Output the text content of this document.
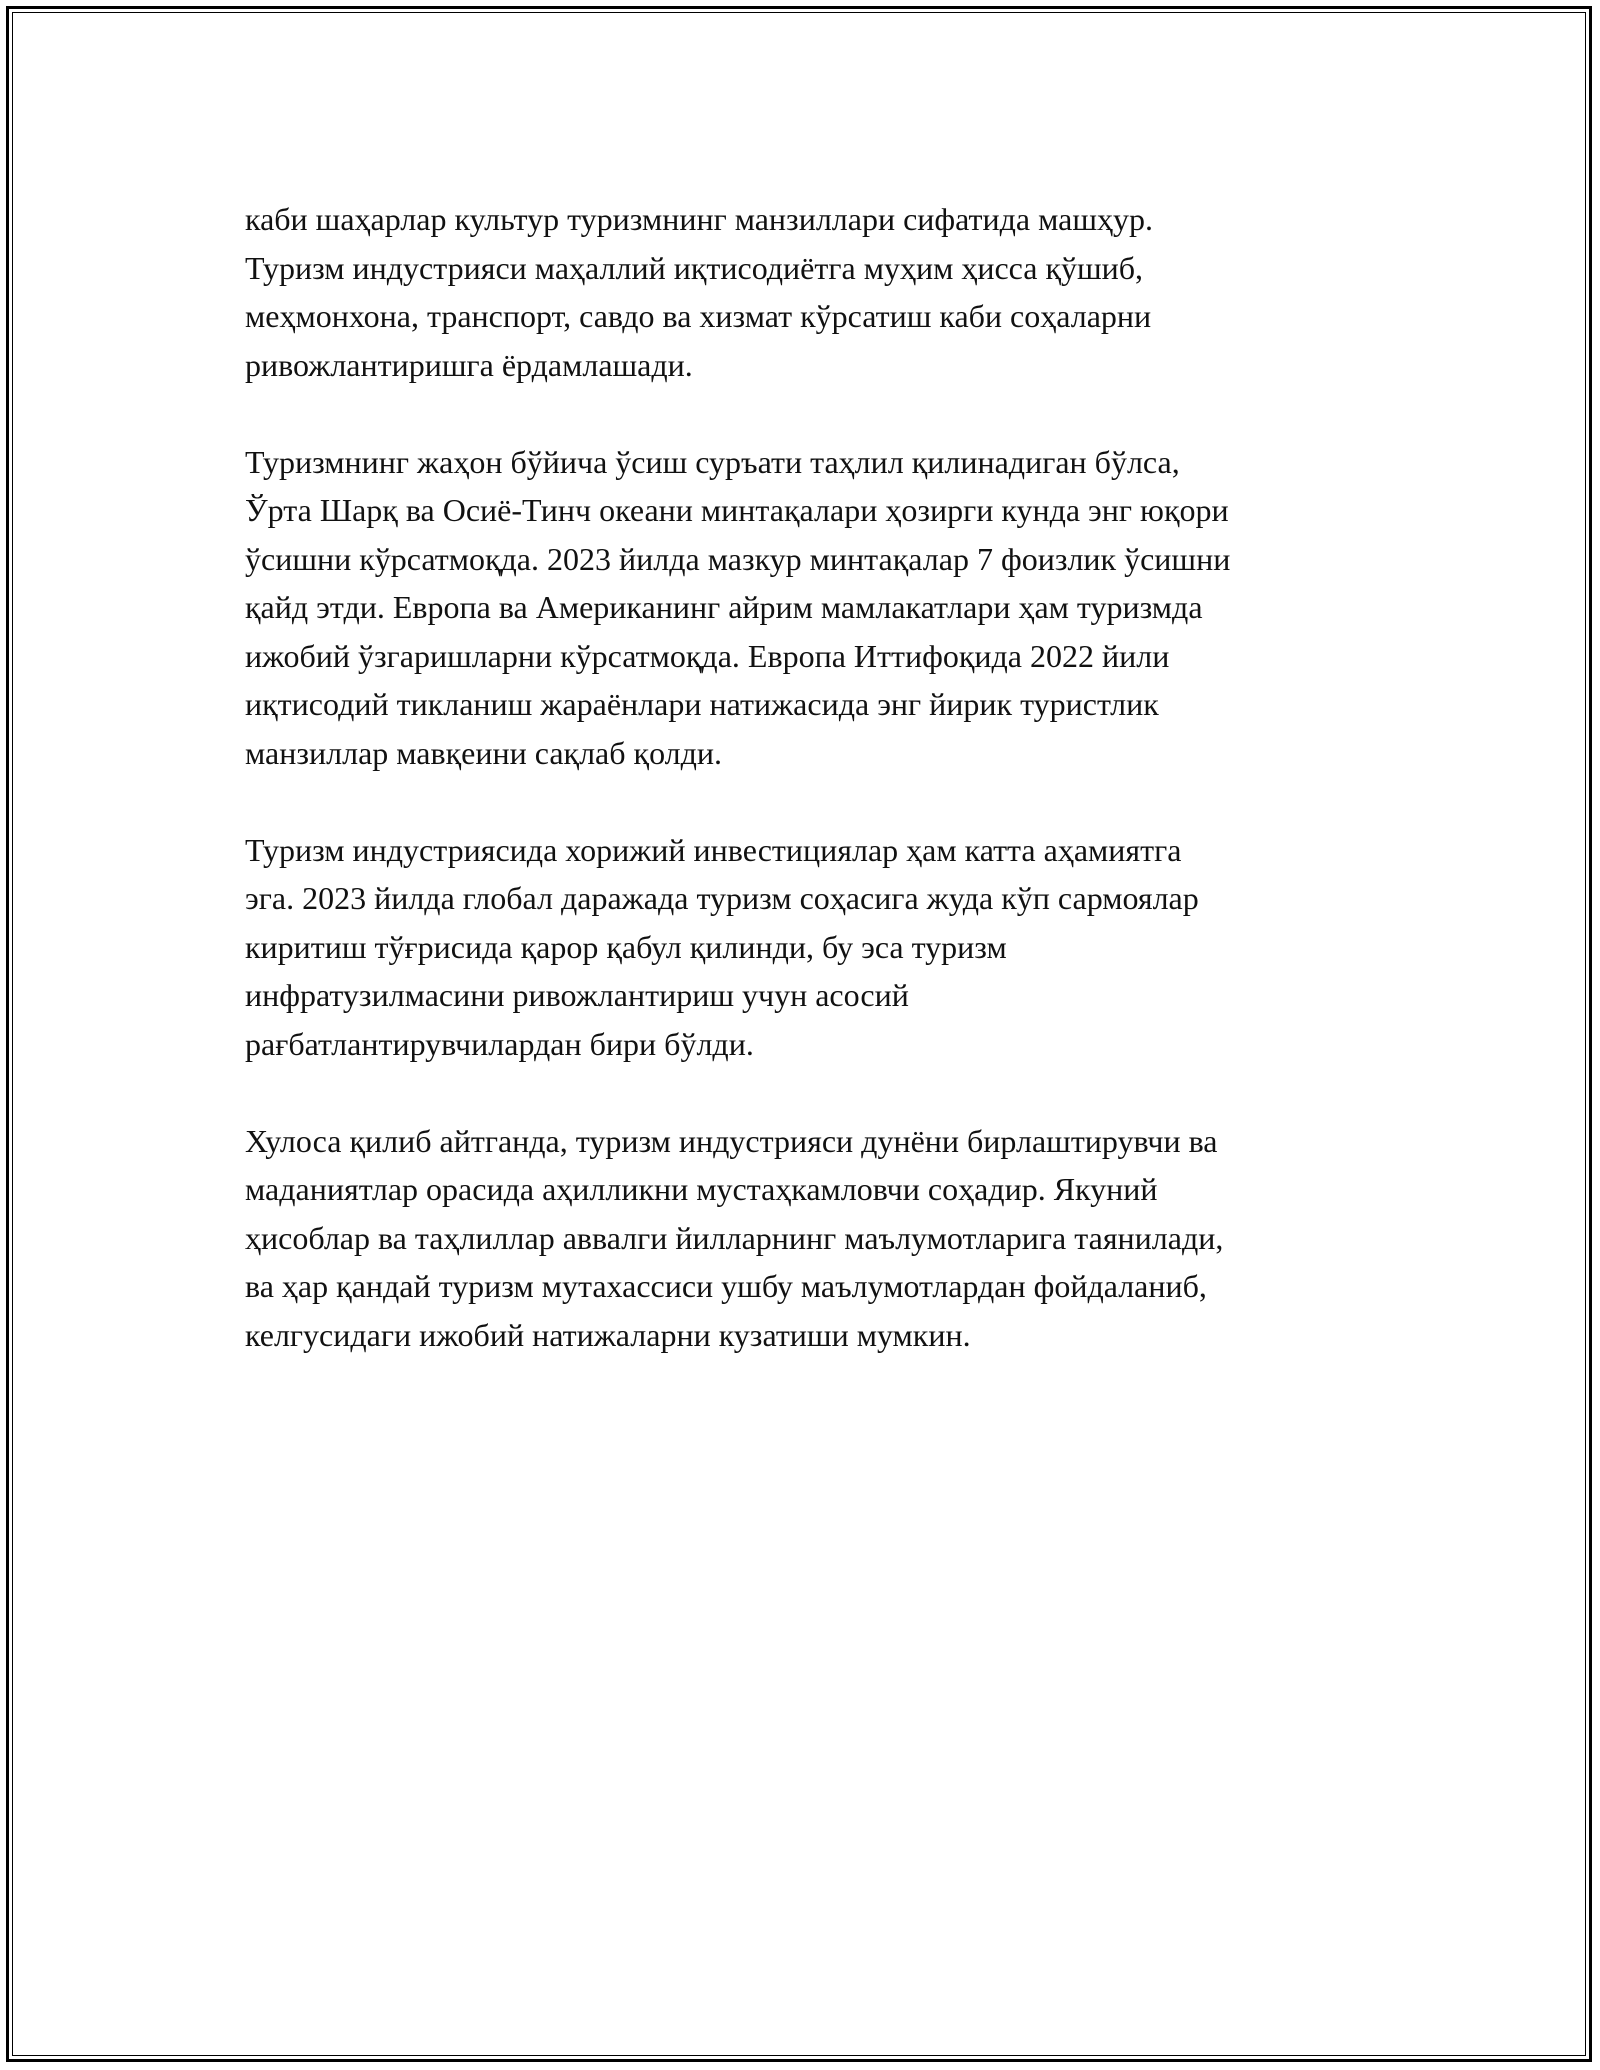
каби шаҳарлар культур туризмнинг манзиллари сифатида машҳур.
Туризм индустрияси маҳаллий иқтисодиётга муҳим ҳисса қўшиб,
меҳмонхона, транспорт, савдо ва хизмат кўрсатиш каби соҳаларни
ривожлантиришга ёрдамлашади.

Туризмнинг жаҳон бўйича ўсиш суръати таҳлил қилинадиган бўлса,
Ўрта Шарқ ва Осиё-Тинч океани минтақалари ҳозирги кунда энг юқори
ўсишни кўрсатмоқда. 2023 йилда мазкур минтақалар 7 фоизлик ўсишни
қайд этди. Европа ва Американинг айрим мамлакатлари ҳам туризмда
ижобий ўзгаришларни кўрсатмоқда. Европа Иттифоқида 2022 йили
иқтисодий тикланиш жараёнлари натижасида энг йирик туристлик
манзиллар мавқеини сақлаб қолди.

Туризм индустриясида хорижий инвестициялар ҳам катта аҳамиятга
эга. 2023 йилда глобал даражада туризм соҳасига жуда кўп сармоялар
киритиш тўғрисида қарор қабул қилинди, бу эса туризм
инфратузилмасини ривожлантириш учун асосий
рағбатлантирувчилардан бири бўлди.

Хулоса қилиб айтганда, туризм индустрияси дунёни бирлаштирувчи ва
маданиятлар орасида аҳилликни мустаҳкамловчи соҳадир. Якуний
ҳисоблар ва таҳлиллар аввалги йилларнинг маълумотларига таянилади,
ва ҳар қандай туризм мутахассиси ушбу маълумотлардан фойдаланиб,
келгусидаги ижобий натижаларни кузатиши мумкин.
